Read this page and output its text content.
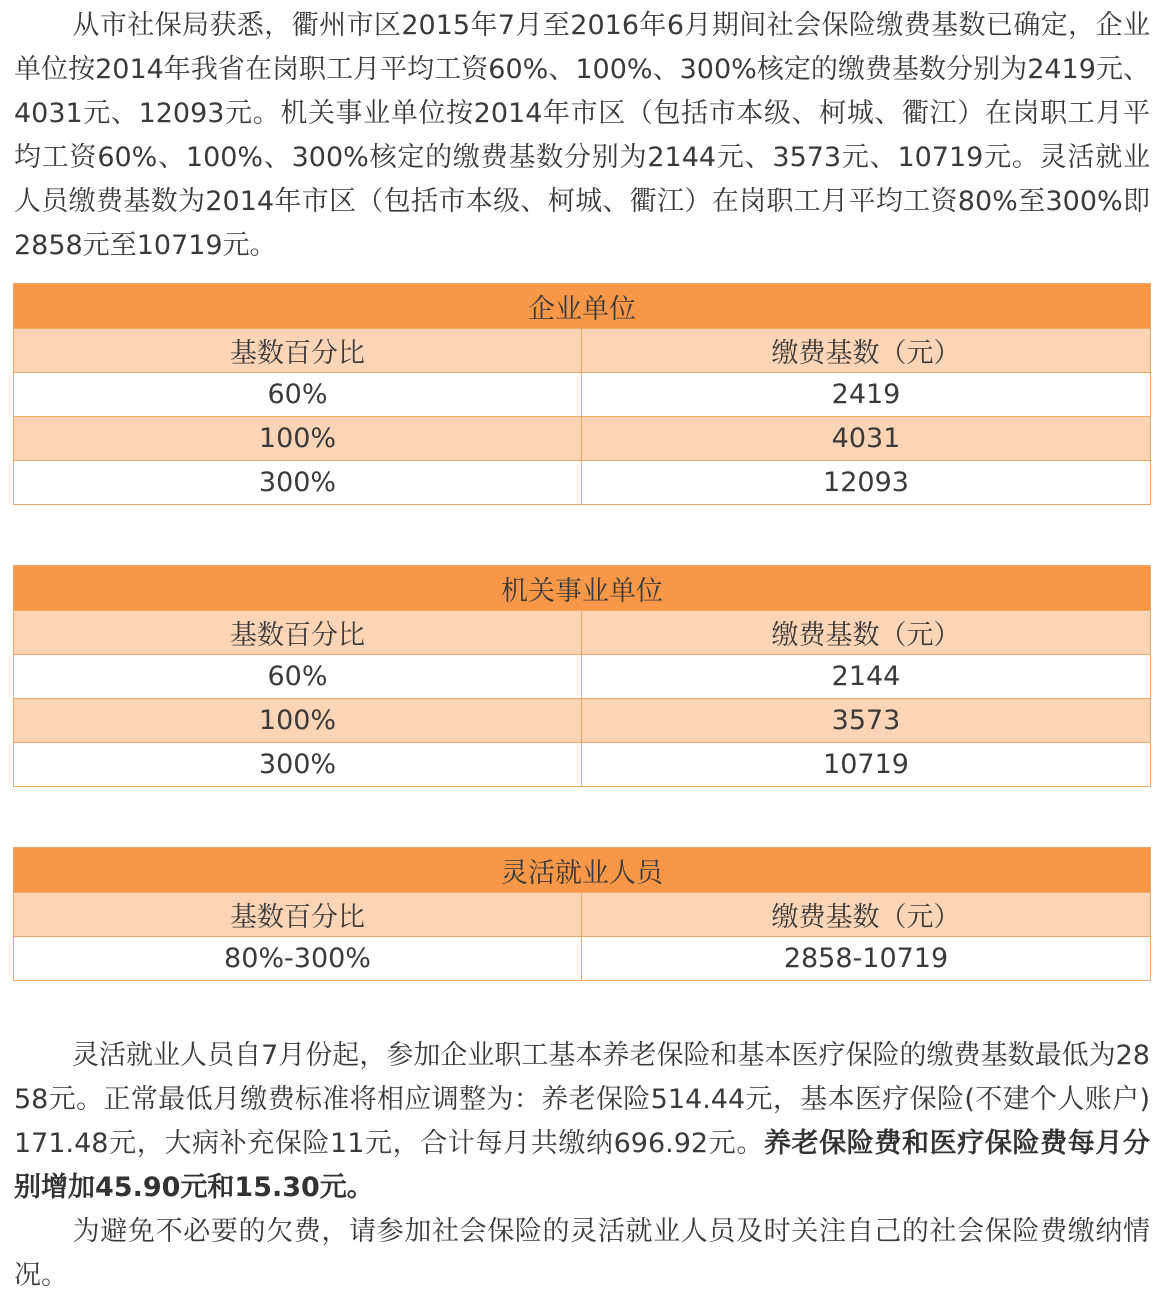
从市社保局获悉，衢州市区2015年7月至2016年6月期间社会保险缴费基数已确定，企业单位按2014年我省在岗职工月平均工资60%、100%、300%核定的缴费基数分别为2419元、4031元、12093元。机关事业单位按2014年市区（包括市本级、柯城、衢江）在岗职工月平均工资60%、100%、300%核定的缴费基数分别为2144元、3573元、10719元。灵活就业人员缴费基数为2014年市区（包括市本级、柯城、衢江）在岗职工月平均工资80%至300%即2858元至10719元。

企业单位	
基数百分比	缴费基数（元）
60%	2419
100%	4031
300%	12093
机关事业单位	
基数百分比	缴费基数（元）
60%	2144
100%	3573
300%	10719
灵活就业人员	
基数百分比	缴费基数（元）
80%-300%	2858-10719

灵活就业人员自7月份起，参加企业职工基本养老保险和基本医疗保险的缴费基数最低为2858元。正常最低月缴费标准将相应调整为：养老保险514.44元，基本医疗保险(不建个人账户)171.48元，大病补充保险11元，合计每月共缴纳696.92元。养老保险费和医疗保险费每月分别增加45.90元和15.30元。

为避免不必要的欠费，请参加社会保险的灵活就业人员及时关注自己的社会保险费缴纳情况。
